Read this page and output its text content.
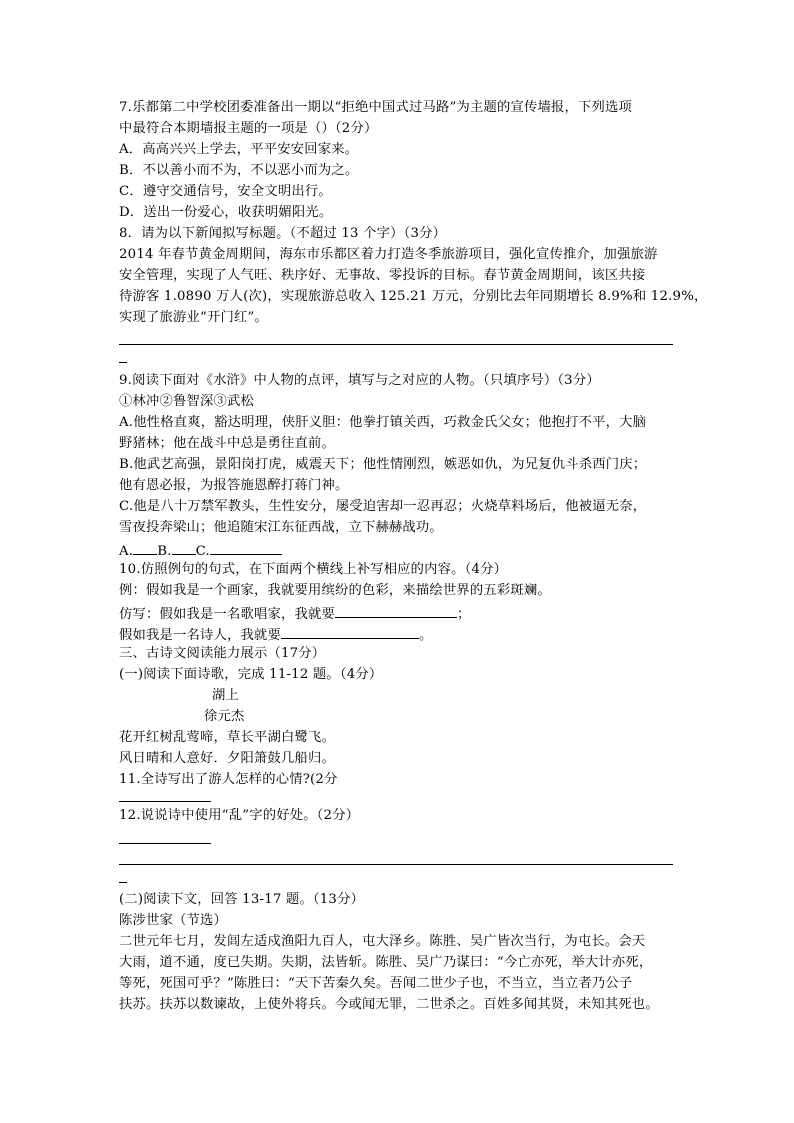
7.乐都第二中学校团委准备出一期以“拒绝中国式过马路”为主题的宣传墙报，下列选项
中最符合本期墙报主题的一项是（）（2分）
A．高高兴兴上学去，平平安安回家来。
B．不以善小而不为，不以恶小而为之。
C．遵守交通信号，安全文明出行。
D．送出一份爱心，收获明媚阳光。
8．请为以下新闻拟写标题。（不超过 13 个字）（3分）
2014 年春节黄金周期间，海东市乐都区着力打造冬季旅游项目，强化宣传推介，加强旅游
安全管理，实现了人气旺、秩序好、无事故、零投诉的目标。春节黄金周期间，该区共接
待游客 1.0890 万人(次)，实现旅游总收入 125.21 万元，分别比去年同期增长 8.9%和 12.9%，
实现了旅游业“开门红”。
9.阅读下面对《水浒》中人物的点评，填写与之对应的人物。（只填序号）（3分）
①林冲②鲁智深③武松
A.他性格直爽，豁达明理，侠肝义胆：他拳打镇关西，巧救金氏父女；他抱打不平，大脑
野猪林；他在战斗中总是勇往直前。
B.他武艺高强，景阳岗打虎，威震天下；他性情刚烈，嫉恶如仇，为兄复仇斗杀西门庆；
他有恩必报，为报答施恩醉打蒋门神。
C.他是八十万禁军教头，生性安分，屡受迫害却一忍再忍；火烧草料场后，他被逼无奈，
雪夜投奔梁山；他追随宋江东征西战，立下赫赫战功。
A. B. C.
10.仿照例句的句式，在下面两个横线上补写相应的内容。（4分）
例：假如我是一个画家，我就要用缤纷的色彩，来描绘世界的五彩斑斓。
仿写：假如我是一名歌唱家，我就要	；
假如我是一名诗人，我就要	。
三、古诗文阅读能力展示（17分）
(一)阅读下面诗歌，完成 11-12 题。（4分）
湖上
徐元杰
花开红树乱莺啼，草长平湖白鹭飞。
风日晴和人意好．夕阳箫鼓几船归。
11.全诗写出了游人怎样的心情?(2分
12.说说诗中使用“乱”字的好处。（2分）
(二)阅读下文，回答 13-17 题。（13分）
陈涉世家（节选）
二世元年七月，发闾左适戍渔阳九百人，屯大泽乡。陈胜、吴广皆次当行，为屯长。会天
大雨，道不通，度已失期。失期，法皆斩。陈胜、吴广乃谋曰：“今亡亦死，举大计亦死，
等死，死国可乎？”陈胜曰：“天下苦秦久矣。吾闻二世少子也，不当立，当立者乃公子
扶苏。扶苏以数谏故，上使外将兵。今或闻无罪，二世杀之。百姓多闻其贤，未知其死也。
